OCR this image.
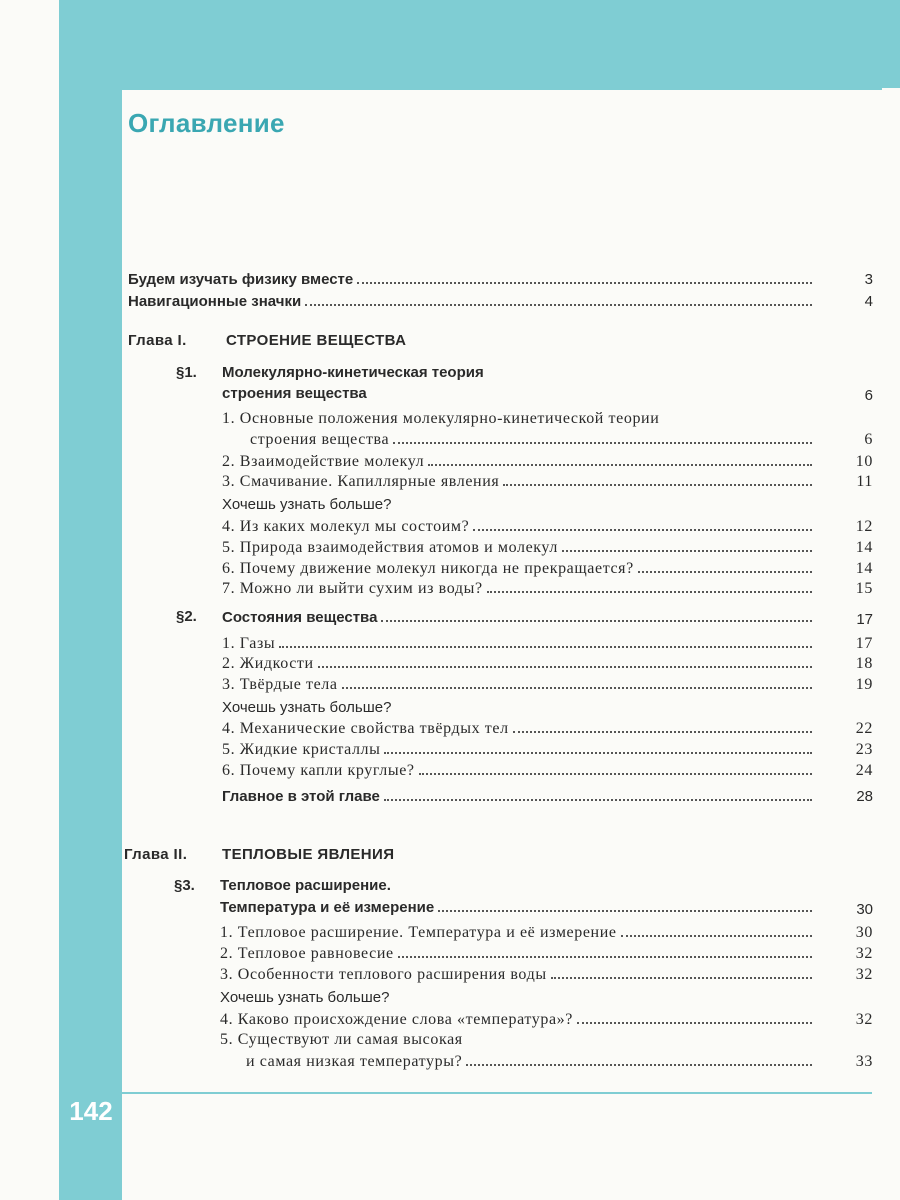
142
Оглавление
Будем изучать физику вместе	3
Навигационные значки	4
Глава I.	СТРОЕНИЕ ВЕЩЕСТВА
§1. Молекулярно-кинетическая теория
строения вещества	6
1. Основные положения молекулярно-кинетической теории
строения вещества	6
2. Взаимодействие молекул	10
3. Смачивание. Капиллярные явления	11
Хочешь узнать больше?
4. Из каких молекул мы состоим?	12
5. Природа взаимодействия атомов и молекул	14
6. Почему движение молекул никогда не прекращается?	14
7. Можно ли выйти сухим из воды?	15
§2. Состояния вещества	17
1. Газы	17
2. Жидкости	18
3. Твёрдые тела	19
Хочешь узнать больше?
4. Механические свойства твёрдых тел	22
5. Жидкие кристаллы	23
6. Почему капли круглые?	24
Главное в этой главе	28
Глава II. ТЕПЛОВЫЕ ЯВЛЕНИЯ
§3. Тепловое расширение.
Температура и её измерение	30
1. Тепловое расширение. Температура и её измерение	30
2. Тепловое равновесие	32
3. Особенности теплового расширения воды	32
Хочешь узнать больше?
4. Каково происхождение слова «температура»?	32
5. Существуют ли самая высокая
и самая низкая температуры?	33
